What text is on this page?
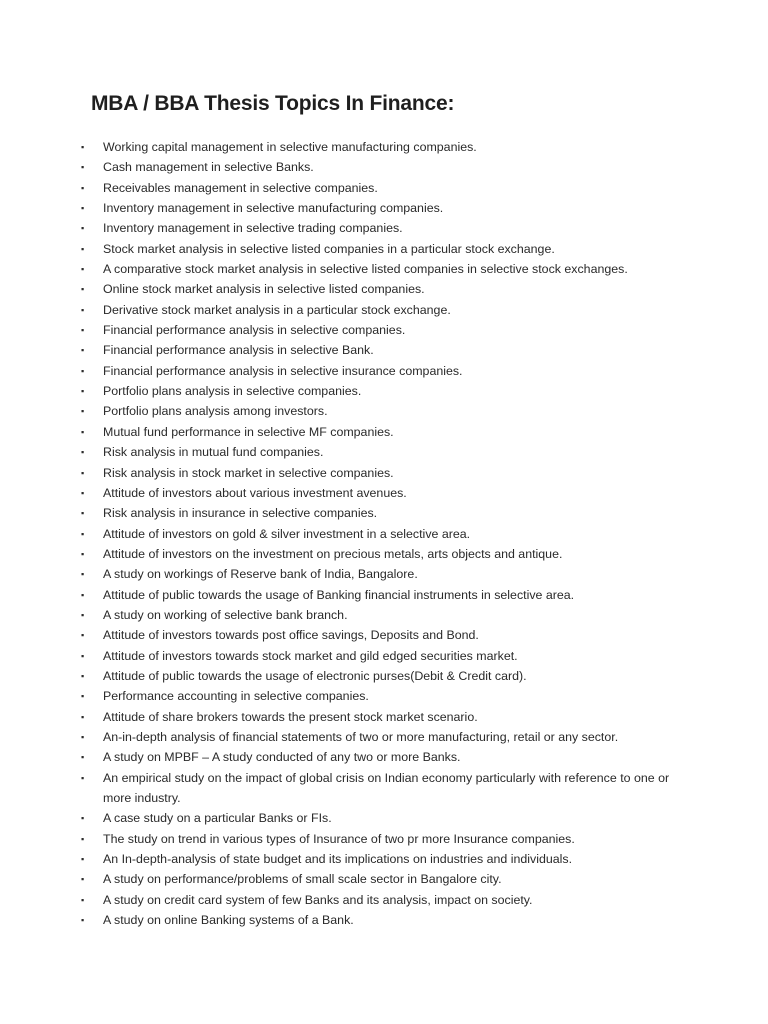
MBA / BBA Thesis Topics In Finance:
▪ Working capital management in selective manufacturing companies.
▪ Cash management in selective Banks.
▪ Receivables management in selective companies.
▪ Inventory management in selective manufacturing companies.
▪ Inventory management in selective trading companies.
▪ Stock market analysis in selective listed companies in a particular stock exchange.
▪ A comparative stock market analysis in selective listed companies in selective stock exchanges.
▪ Online stock market analysis in selective listed companies.
▪ Derivative stock market analysis in a particular stock exchange.
▪ Financial performance analysis in selective companies.
▪ Financial performance analysis in selective Bank.
▪ Financial performance analysis in selective insurance companies.
▪ Portfolio plans analysis in selective companies.
▪ Portfolio plans analysis among investors.
▪ Mutual fund performance in selective MF companies.
▪ Risk analysis in mutual fund companies.
▪ Risk analysis in stock market in selective companies.
▪ Attitude of investors about various investment avenues.
▪ Risk analysis in insurance in selective companies.
▪ Attitude of investors on gold & silver investment in a selective area.
▪ Attitude of investors on the investment on precious metals, arts objects and antique.
▪ A study on workings of Reserve bank of India, Bangalore.
▪ Attitude of public towards the usage of Banking financial instruments in selective area.
▪ A study on working of selective bank branch.
▪ Attitude of investors towards post office savings, Deposits and Bond.
▪ Attitude of investors towards stock market and gild edged securities market.
▪ Attitude of public towards the usage of electronic purses(Debit & Credit card).
▪ Performance accounting in selective companies.
▪ Attitude of share brokers towards the present stock market scenario.
▪ An-in-depth analysis of financial statements of two or more manufacturing, retail or any sector.
▪ A study on MPBF – A study conducted of any two or more Banks.
▪ An empirical study on the impact of global crisis on Indian economy particularly with reference to one or more industry.
▪ A case study on a particular Banks or FIs.
▪ The study on trend in various types of Insurance of two pr more Insurance companies.
▪ An In-depth-analysis of state budget and its implications on industries and individuals.
▪ A study on performance/problems of small scale sector in Bangalore city.
▪ A study on credit card system of few Banks and its analysis, impact on society.
▪ A study on online Banking systems of a Bank.
